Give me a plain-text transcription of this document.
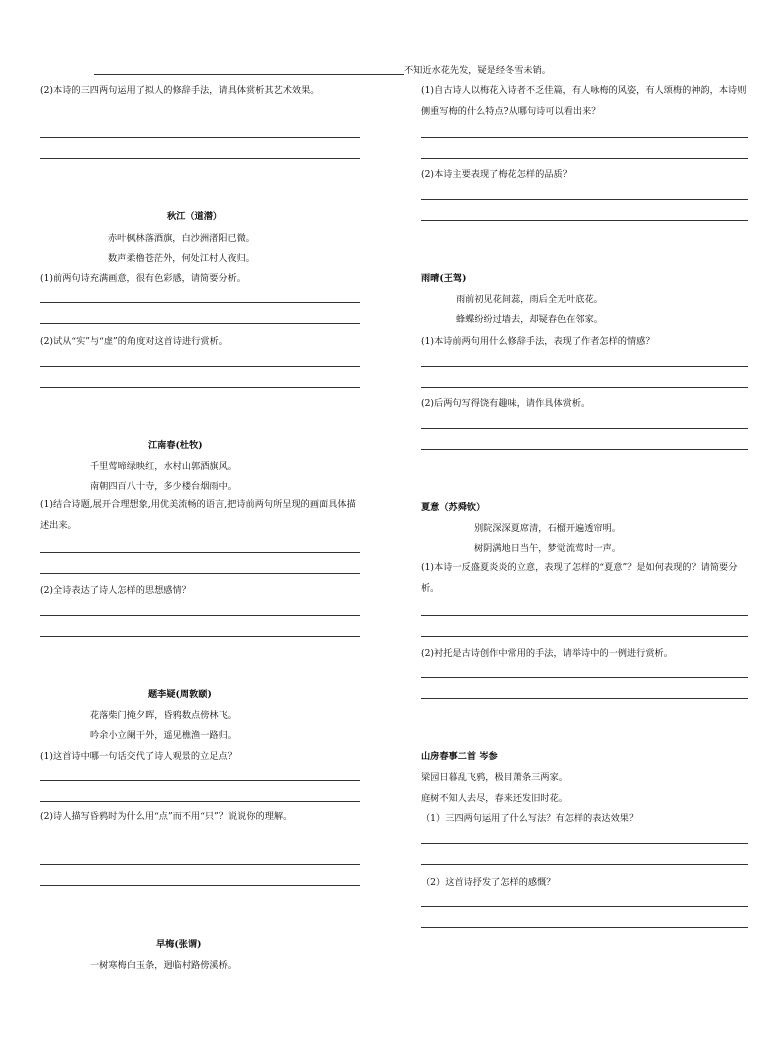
不知近水花先发，疑是经冬雪未销。
(2)本诗的三四两句运用了拟人的修辞手法，请具体赏析其艺术效果。
秋江（道潜）
赤叶枫林落酒旗，白沙洲渚阳已微。
数声柔橹苍茫外，何处江村人夜归。
(1)前两句诗充满画意，很有色彩感，请简要分析。
(2)试从“实”与“虚”的角度对这首诗进行赏析。
江南春(杜牧)
千里莺啼绿映红，水村山郭酒旗风。
南朝四百八十寺，多少楼台烟雨中。
(1)结合诗题,展开合理想象,用优美流畅的语言,把诗前两句所呈现的画面具体描述出来。
(2)全诗表达了诗人怎样的思想感情？
题李疑(周敦颐)
花落柴门掩夕晖，昏鸦数点傍林飞。
吟余小立阑干外，遥见樵渔一路归。
(1)这首诗中哪一句话交代了诗人观景的立足点？
(2)诗人描写昏鸦时为什么用“点”而不用“只”？说说你的理解。
早梅(张谓)
一树寒梅白玉条，迥临村路傍溪桥。
(1)自古诗人以梅花入诗者不乏佳篇，有人咏梅的风姿，有人颂梅的神韵，本诗则侧重写梅的什么特点?从哪句诗可以看出来？
(2)本诗主要表现了梅花怎样的品质？
雨晴(王驾)
雨前初见花间蕊，雨后全无叶底花。
蜂蝶纷纷过墙去，却疑春色在邻家。
(1)本诗前两句用什么修辞手法，表现了作者怎样的情感？
(2)后两句写得饶有趣味，请作具体赏析。
夏意（苏舜钦）
别院深深夏席清，石榴开遍透帘明。
树阴满地日当午，梦觉流莺时一声。
(1)本诗一反盛夏炎炎的立意，表现了怎样的“夏意”？是如何表现的？请简要分析。
(2)衬托是古诗创作中常用的手法，请举诗中的一例进行赏析。
山房春事二首 岑参
梁园日暮乱飞鸦，极目萧条三两家。
庭树不知人去尽，春来还发旧时花。
（1）三四两句运用了什么写法？有怎样的表达效果？
（2）这首诗抒发了怎样的感慨？
